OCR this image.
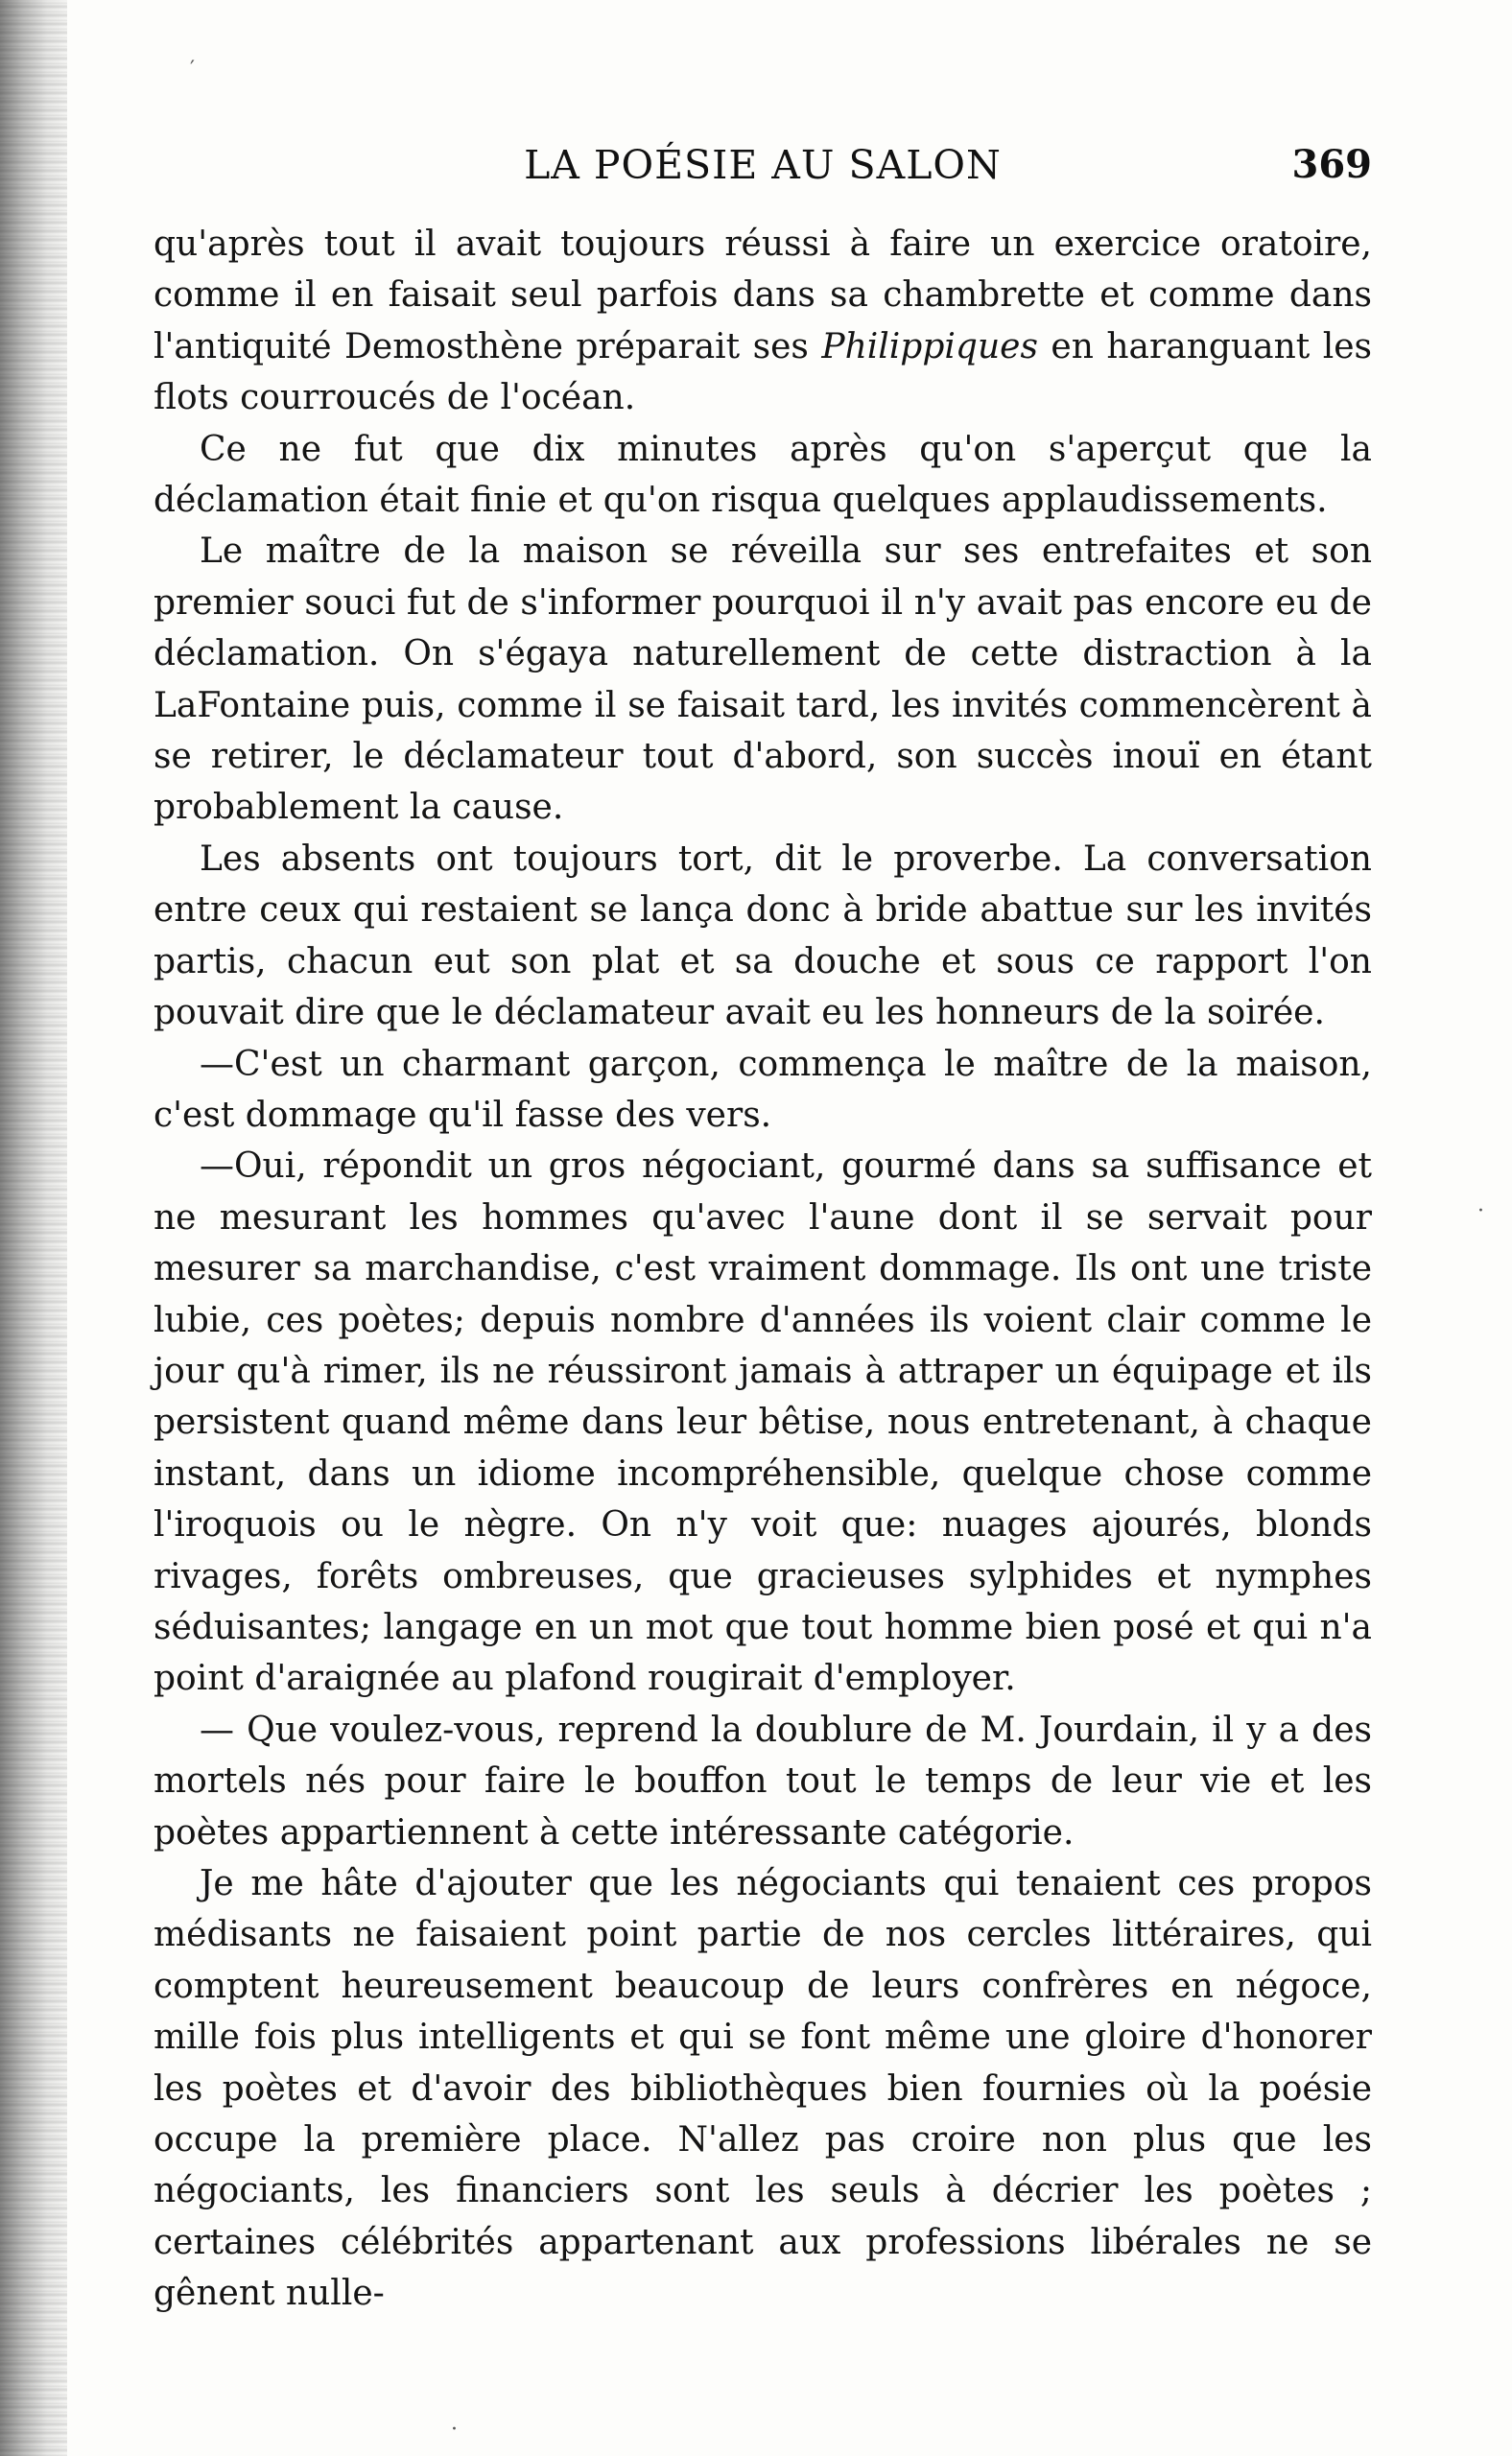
LA POÉSIE AU SALON	369

qu'après tout il avait toujours réussi à faire un exercice oratoire, comme il en faisait seul parfois dans sa chambrette et comme dans l'antiquité Demosthène préparait ses Philippiques en haranguant les flots courroucés de l'océan.

Ce ne fut que dix minutes après qu'on s'aperçut que la déclamation était finie et qu'on risqua quelques applaudissements.

Le maître de la maison se réveilla sur ses entrefaites et son premier souci fut de s'informer pourquoi il n'y avait pas encore eu de déclamation. On s'égaya naturellement de cette distraction à la LaFontaine puis, comme il se faisait tard, les invités commencèrent à se retirer, le déclamateur tout d'abord, son succès inouï en étant probablement la cause.

Les absents ont toujours tort, dit le proverbe. La conversation entre ceux qui restaient se lança donc à bride abattue sur les invités partis, chacun eut son plat et sa douche et sous ce rapport l'on pouvait dire que le déclamateur avait eu les honneurs de la soirée.

—C'est un charmant garçon, commença le maître de la maison, c'est dommage qu'il fasse des vers.

—Oui, répondit un gros négociant, gourmé dans sa suffisance et ne mesurant les hommes qu'avec l'aune dont il se servait pour mesurer sa marchandise, c'est vraiment dommage. Ils ont une triste lubie, ces poètes; depuis nombre d'années ils voient clair comme le jour qu'à rimer, ils ne réussiront jamais à attraper un équipage et ils persistent quand même dans leur bêtise, nous entretenant, à chaque instant, dans un idiome incompréhensible, quelque chose comme l'iroquois ou le nègre. On n'y voit que: nuages ajourés, blonds rivages, forêts ombreuses, que gracieuses sylphides et nymphes séduisantes; langage en un mot que tout homme bien posé et qui n'a point d'araignée au plafond rougirait d'employer.

— Que voulez-vous, reprend la doublure de M. Jourdain, il y a des mortels nés pour faire le bouffon tout le temps de leur vie et les poètes appartiennent à cette intéressante catégorie.

Je me hâte d'ajouter que les négociants qui tenaient ces propos médisants ne faisaient point partie de nos cercles littéraires, qui comptent heureusement beaucoup de leurs confrères en négoce, mille fois plus intelligents et qui se font même une gloire d'honorer les poètes et d'avoir des bibliothèques bien fournies où la poésie occupe la première place. N'allez pas croire non plus que les négociants, les financiers sont les seuls à décrier les poètes ; certaines célébrités appartenant aux professions libérales ne se gênent nulle-

′
·
·
